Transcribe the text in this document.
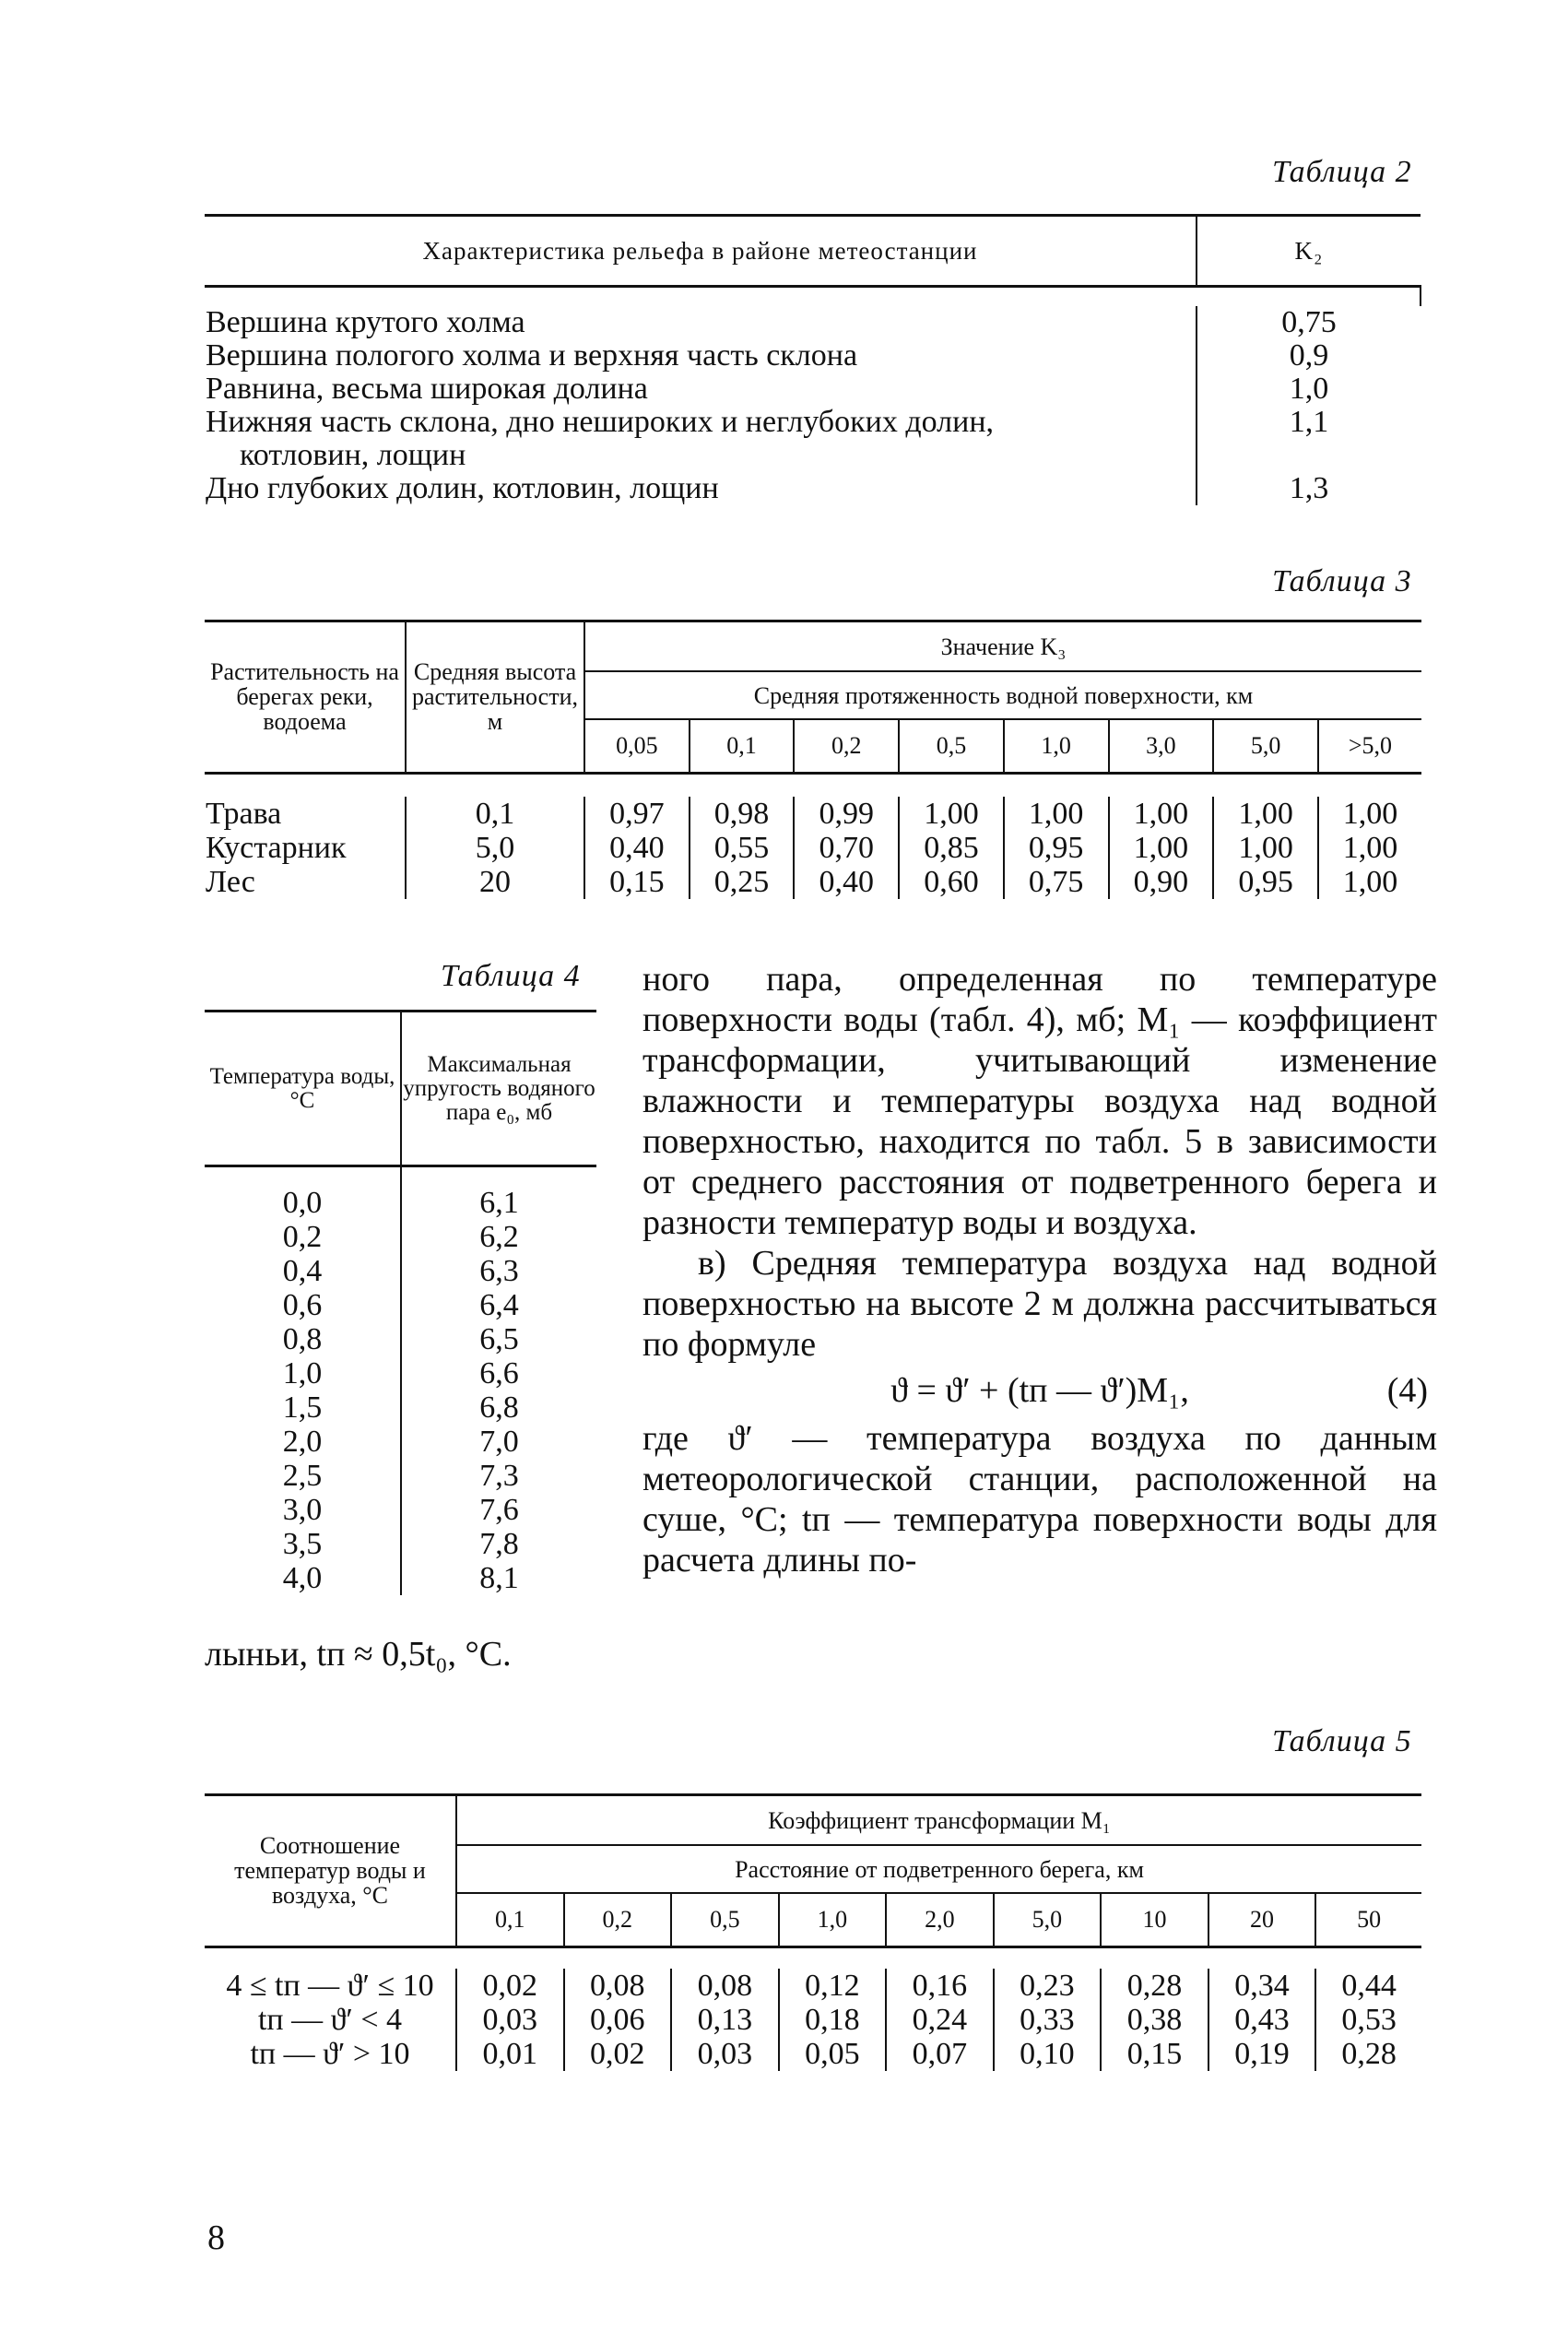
Таблица 2
Характеристика рельефа в районе метеостанции	K₂

Вершина крутого холма	0,75
Вершина пологого холма и верхняя часть склона	0,9
Равнина, весьма широкая долина	1,0
Нижняя часть склона, дно нешироких и неглубоких долин,	1,1
котловин, лощин	
Дно глубоких долин, котловин, лощин	1,3
Таблица 3
Растительность на берегах реки, водоема	Средняя высота растительности, м	Значение K₃							
		Средняя протяженность водной поверхности, км							
		0,05	0,1	0,2	0,5	1,0	3,0	5,0	>5,0

Трава	0,1	0,97	0,98	0,99	1,00	1,00	1,00	1,00	1,00
Кустарник	5,0	0,40	0,55	0,70	0,85	0,95	1,00	1,00	1,00
Лес	20	0,15	0,25	0,40	0,60	0,75	0,90	0,95	1,00
Таблица 4
Температура воды, °С	Максимальная упругость водяного пара e₀, мб

0,0	6,1
0,2	6,2
0,4	6,3
0,6	6,4
0,8	6,5
1,0	6,6
1,5	6,8
2,0	7,0
2,5	7,3
3,0	7,6
3,5	7,8
4,0	8,1

ного пара, определенная по температуре поверхности воды (табл. 4), мб; M₁ — коэффициент трансформации, учитывающий изменение влажности и температуры воздуха над водной поверхностью, находится по табл. 5 в зависимости от среднего расстояния от подветренного берега и разности температур воды и воздуха.

в) Средняя температура воздуха над водной поверхностью на высоте 2 м должна рассчитываться по формуле

ϑ = ϑ′ + (tп — ϑ′)M₁,	(4)

где ϑ′ — температура воздуха по данным метеорологической станции, расположенной на суше, °С; tп — температура поверхности воды для расчета длины по-

лыньи, tп ≈ 0,5t₀, °С.
Таблица 5
Соотношение температур воды и воздуха, °С	Коэффициент трансформации M₁								
	Расстояние от подветренного берега, км								
	0,1	0,2	0,5	1,0	2,0	5,0	10	20	50

4 ≤ tп — ϑ′ ≤ 10	0,02	0,08	0,08	0,12	0,16	0,23	0,28	0,34	0,44
tп — ϑ′ < 4	0,03	0,06	0,13	0,18	0,24	0,33	0,38	0,43	0,53
tп — ϑ′ > 10	0,01	0,02	0,03	0,05	0,07	0,10	0,15	0,19	0,28
8
